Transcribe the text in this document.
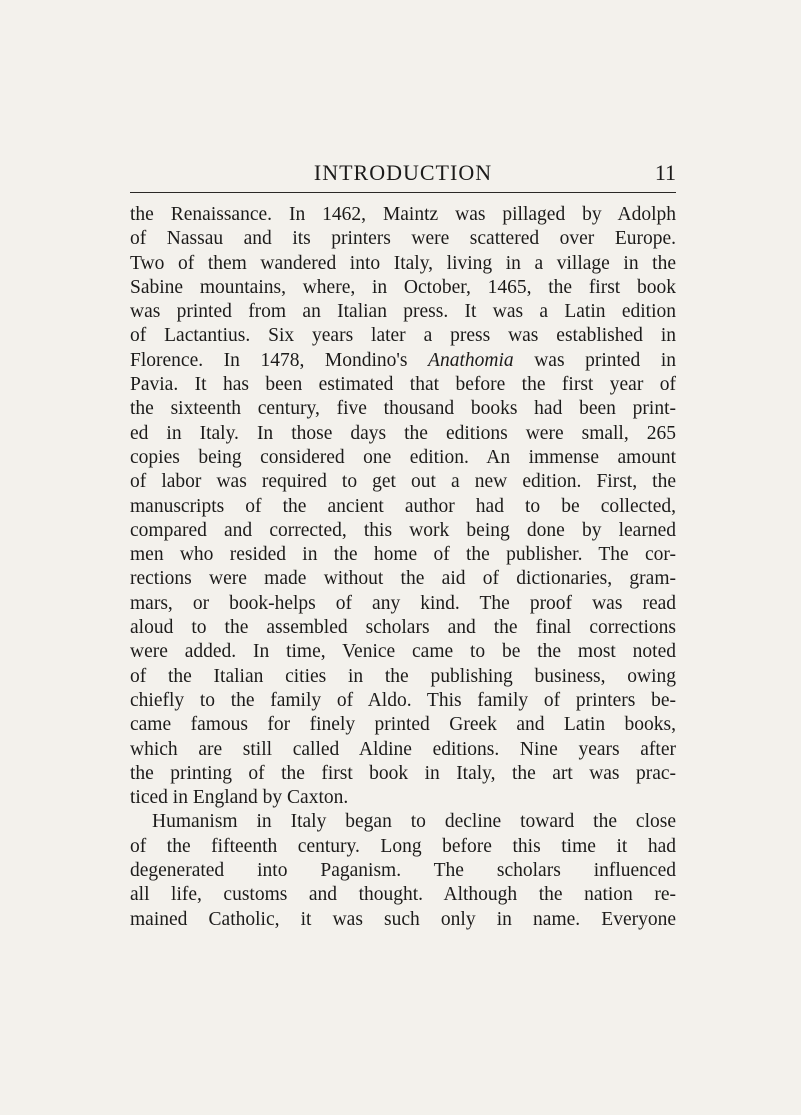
INTRODUCTION	11
the Renaissance. In 1462, Maintz was pillaged by Adolph
of Nassau and its printers were scattered over Europe.
Two of them wandered into Italy, living in a village in the
Sabine mountains, where, in October, 1465, the first book
was printed from an Italian press. It was a Latin edition
of Lactantius. Six years later a press was established in
Florence. In 1478, Mondino's Anathomia was printed in
Pavia. It has been estimated that before the first year of
the sixteenth century, five thousand books had been print-
ed in Italy. In those days the editions were small, 265
copies being considered one edition. An immense amount
of labor was required to get out a new edition. First, the
manuscripts of the ancient author had to be collected,
compared and corrected, this work being done by learned
men who resided in the home of the publisher. The cor-
rections were made without the aid of dictionaries, gram-
mars, or book-helps of any kind. The proof was read
aloud to the assembled scholars and the final corrections
were added. In time, Venice came to be the most noted
of the Italian cities in the publishing business, owing
chiefly to the family of Aldo. This family of printers be-
came famous for finely printed Greek and Latin books,
which are still called Aldine editions. Nine years after
the printing of the first book in Italy, the art was prac-
ticed in England by Caxton.
Humanism in Italy began to decline toward the close
of the fifteenth century. Long before this time it had
degenerated into Paganism. The scholars influenced
all life, customs and thought. Although the nation re-
mained Catholic, it was such only in name. Everyone
